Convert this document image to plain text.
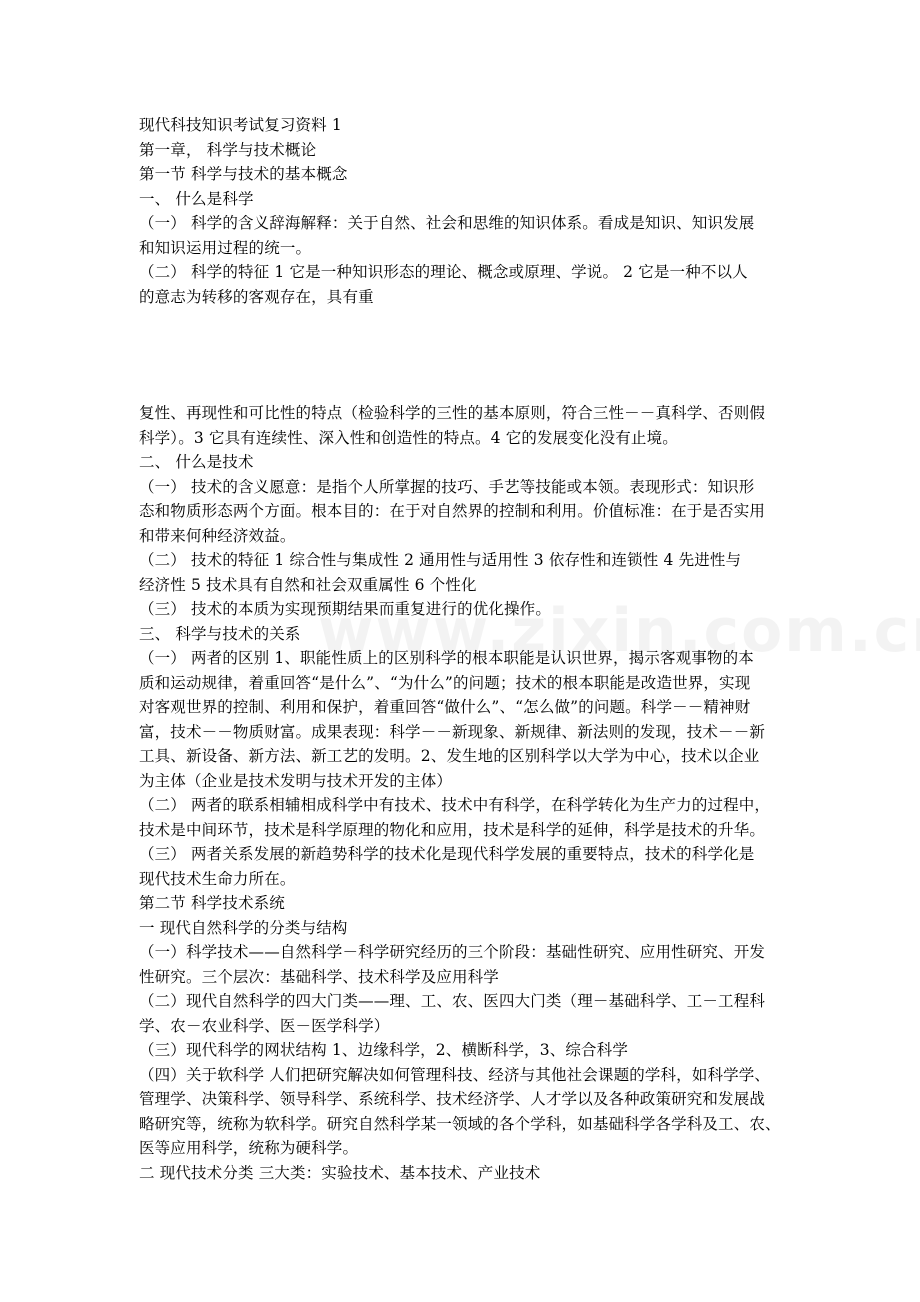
现代科技知识考试复习资料 1
第一章， 科学与技术概论
第一节 科学与技术的基本概念
一、 什么是科学
（一） 科学的含义辞海解释：关于自然、社会和思维的知识体系。看成是知识、知识发展
和知识运用过程的统一。
（二） 科学的特征 1 它是一种知识形态的理论、概念或原理、学说。 2 它是一种不以人
的意志为转移的客观存在，具有重
复性、再现性和可比性的特点（检验科学的三性的基本原则，符合三性－－真科学、否则假
科学）。3 它具有连续性、深入性和创造性的特点。4 它的发展变化没有止境。
二、 什么是技术
（一） 技术的含义愿意：是指个人所掌握的技巧、手艺等技能或本领。表现形式：知识形
态和物质形态两个方面。根本目的：在于对自然界的控制和利用。价值标准：在于是否实用
和带来何种经济效益。
（二） 技术的特征 1 综合性与集成性 2 通用性与适用性 3 依存性和连锁性 4 先进性与
经济性 5 技术具有自然和社会双重属性 6 个性化
（三） 技术的本质为实现预期结果而重复进行的优化操作。
三、 科学与技术的关系
（一） 两者的区别 1、职能性质上的区别科学的根本职能是认识世界，揭示客观事物的本
质和运动规律，着重回答“是什么”、“为什么”的问题；技术的根本职能是改造世界，实现
对客观世界的控制、利用和保护，着重回答“做什么”、“怎么做”的问题。科学－－精神财
富，技术－－物质财富。成果表现：科学－－新现象、新规律、新法则的发现，技术－－新
工具、新设备、新方法、新工艺的发明。2、发生地的区别科学以大学为中心，技术以企业
为主体（企业是技术发明与技术开发的主体）
（二） 两者的联系相辅相成科学中有技术、技术中有科学，在科学转化为生产力的过程中，
技术是中间环节，技术是科学原理的物化和应用，技术是科学的延伸，科学是技术的升华。
（三） 两者关系发展的新趋势科学的技术化是现代科学发展的重要特点，技术的科学化是
现代技术生命力所在。
第二节 科学技术系统
一 现代自然科学的分类与结构
（一）科学技术——自然科学－科学研究经历的三个阶段：基础性研究、应用性研究、开发
性研究。三个层次：基础科学、技术科学及应用科学
（二）现代自然科学的四大门类——理、工、农、医四大门类（理－基础科学、工－工程科
学、农－农业科学、医－医学科学）
（三）现代科学的网状结构 1、边缘科学，2、横断科学，3、综合科学
（四）关于软科学 人们把研究解决如何管理科技、经济与其他社会课题的学科，如科学学、
管理学、决策科学、领导科学、系统科学、技术经济学、人才学以及各种政策研究和发展战
略研究等，统称为软科学。研究自然科学某一领域的各个学科，如基础科学各学科及工、农、
医等应用科学，统称为硬科学。
二 现代技术分类 三大类：实验技术、基本技术、产业技术
